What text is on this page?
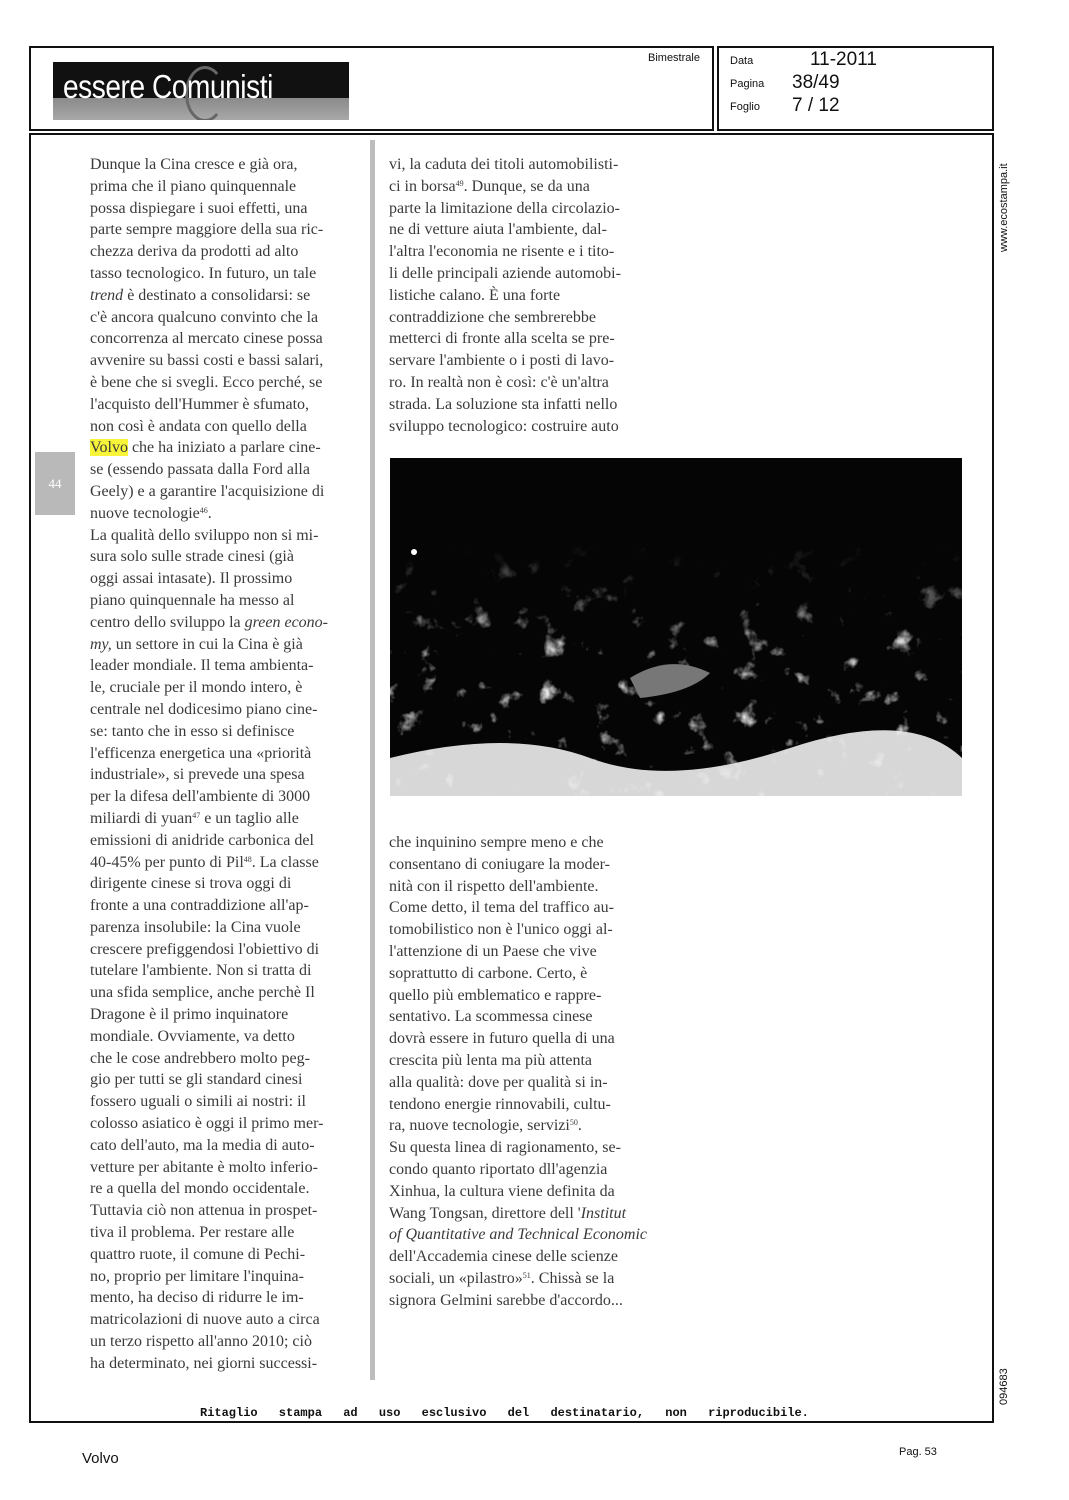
essere Comunisti
Bimestrale	Data	11-2011
Pagina 38/49
Foglio 7 / 12
44
Dunque la Cina cresce e già ora,
prima che il piano quinquennale
possa dispiegare i suoi effetti, una
parte sempre maggiore della sua ric-
chezza deriva da prodotti ad alto
tasso tecnologico. In futuro, un tale
trend è destinato a consolidarsi: se
c'è ancora qualcuno convinto che la
concorrenza al mercato cinese possa
avvenire su bassi costi e bassi salari,
è bene che si svegli. Ecco perché, se
l'acquisto dell'Hummer è sfumato,
non così è andata con quello della
Volvo che ha iniziato a parlare cine-
se (essendo passata dalla Ford alla
Geely) e a garantire l'acquisizione di
nuove tecnologie$^{46}$.
La qualità dello sviluppo non si mi-
sura solo sulle strade cinesi (già
oggi assai intasate). Il prossimo
piano quinquennale ha messo al
centro dello sviluppo la green econo-
my, un settore in cui la Cina è già
leader mondiale. Il tema ambienta-
le, cruciale per il mondo intero, è
centrale nel dodicesimo piano cine-
se: tanto che in esso si definisce
l'efficenza energetica una «priorità
industriale», si prevede una spesa
per la difesa dell'ambiente di 3000
miliardi di yuan$^{47}$ e un taglio alle
emissioni di anidride carbonica del
40-45% per punto di Pil$^{48}$. La classe
dirigente cinese si trova oggi di
fronte a una contraddizione all'ap-
parenza insolubile: la Cina vuole
crescere prefiggendosi l'obiettivo di
tutelare l'ambiente. Non si tratta di
una sfida semplice, anche perchè Il
Dragone è il primo inquinatore
mondiale. Ovviamente, va detto
che le cose andrebbero molto peg-
gio per tutti se gli standard cinesi
fossero uguali o simili ai nostri: il
colosso asiatico è oggi il primo mer-
cato dell'auto, ma la media di auto-
vetture per abitante è molto inferio-
re a quella del mondo occidentale.
Tuttavia ciò non attenua in prospet-
tiva il problema. Per restare alle
quattro ruote, il comune di Pechi-
no, proprio per limitare l'inquina-
mento, ha deciso di ridurre le im-
matricolazioni di nuove auto a circa
un terzo rispetto all'anno 2010; ciò
ha determinato, nei giorni successi-
vi, la caduta dei titoli automobilisti-
ci in borsa$^{49}$. Dunque, se da una
parte la limitazione della circolazio-
ne di vetture aiuta l'ambiente, dal-
l'altra l'economia ne risente e i tito-
li delle principali aziende automobi-
listiche calano. È una forte
contraddizione che sembrerebbe
metterci di fronte alla scelta se pre-
servare l'ambiente o i posti di lavo-
ro. In realtà non è così: c'è un'altra
strada. La soluzione sta infatti nello
sviluppo tecnologico: costruire auto
che inquinino sempre meno e che
consentano di coniugare la moder-
nità con il rispetto dell'ambiente.
Come detto, il tema del traffico au-
tomobilistico non è l'unico oggi al-
l'attenzione di un Paese che vive
soprattutto di carbone. Certo, è
quello più emblematico e rappre-
sentativo. La scommessa cinese
dovrà essere in futuro quella di una
crescita più lenta ma più attenta
alla qualità: dove per qualità si in-
tendono energie rinnovabili, cultu-
ra, nuove tecnologie, servizi$^{50}$.
Su questa linea di ragionamento, se-
condo quanto riportato dll'agenzia
Xinhua, la cultura viene definita da
Wang Tongsan, direttore dell 'Institut
of Quantitative and Technical Economic
dell'Accademia cinese delle scienze
sociali, un «pilastro»$^{51}$. Chissà se la
signora Gelmini sarebbe d'accordo...
Ritaglio stampa ad uso esclusivo del destinatario, non riproducibile.
www.ecostampa.it
094683
Volvo	Pag. 53
